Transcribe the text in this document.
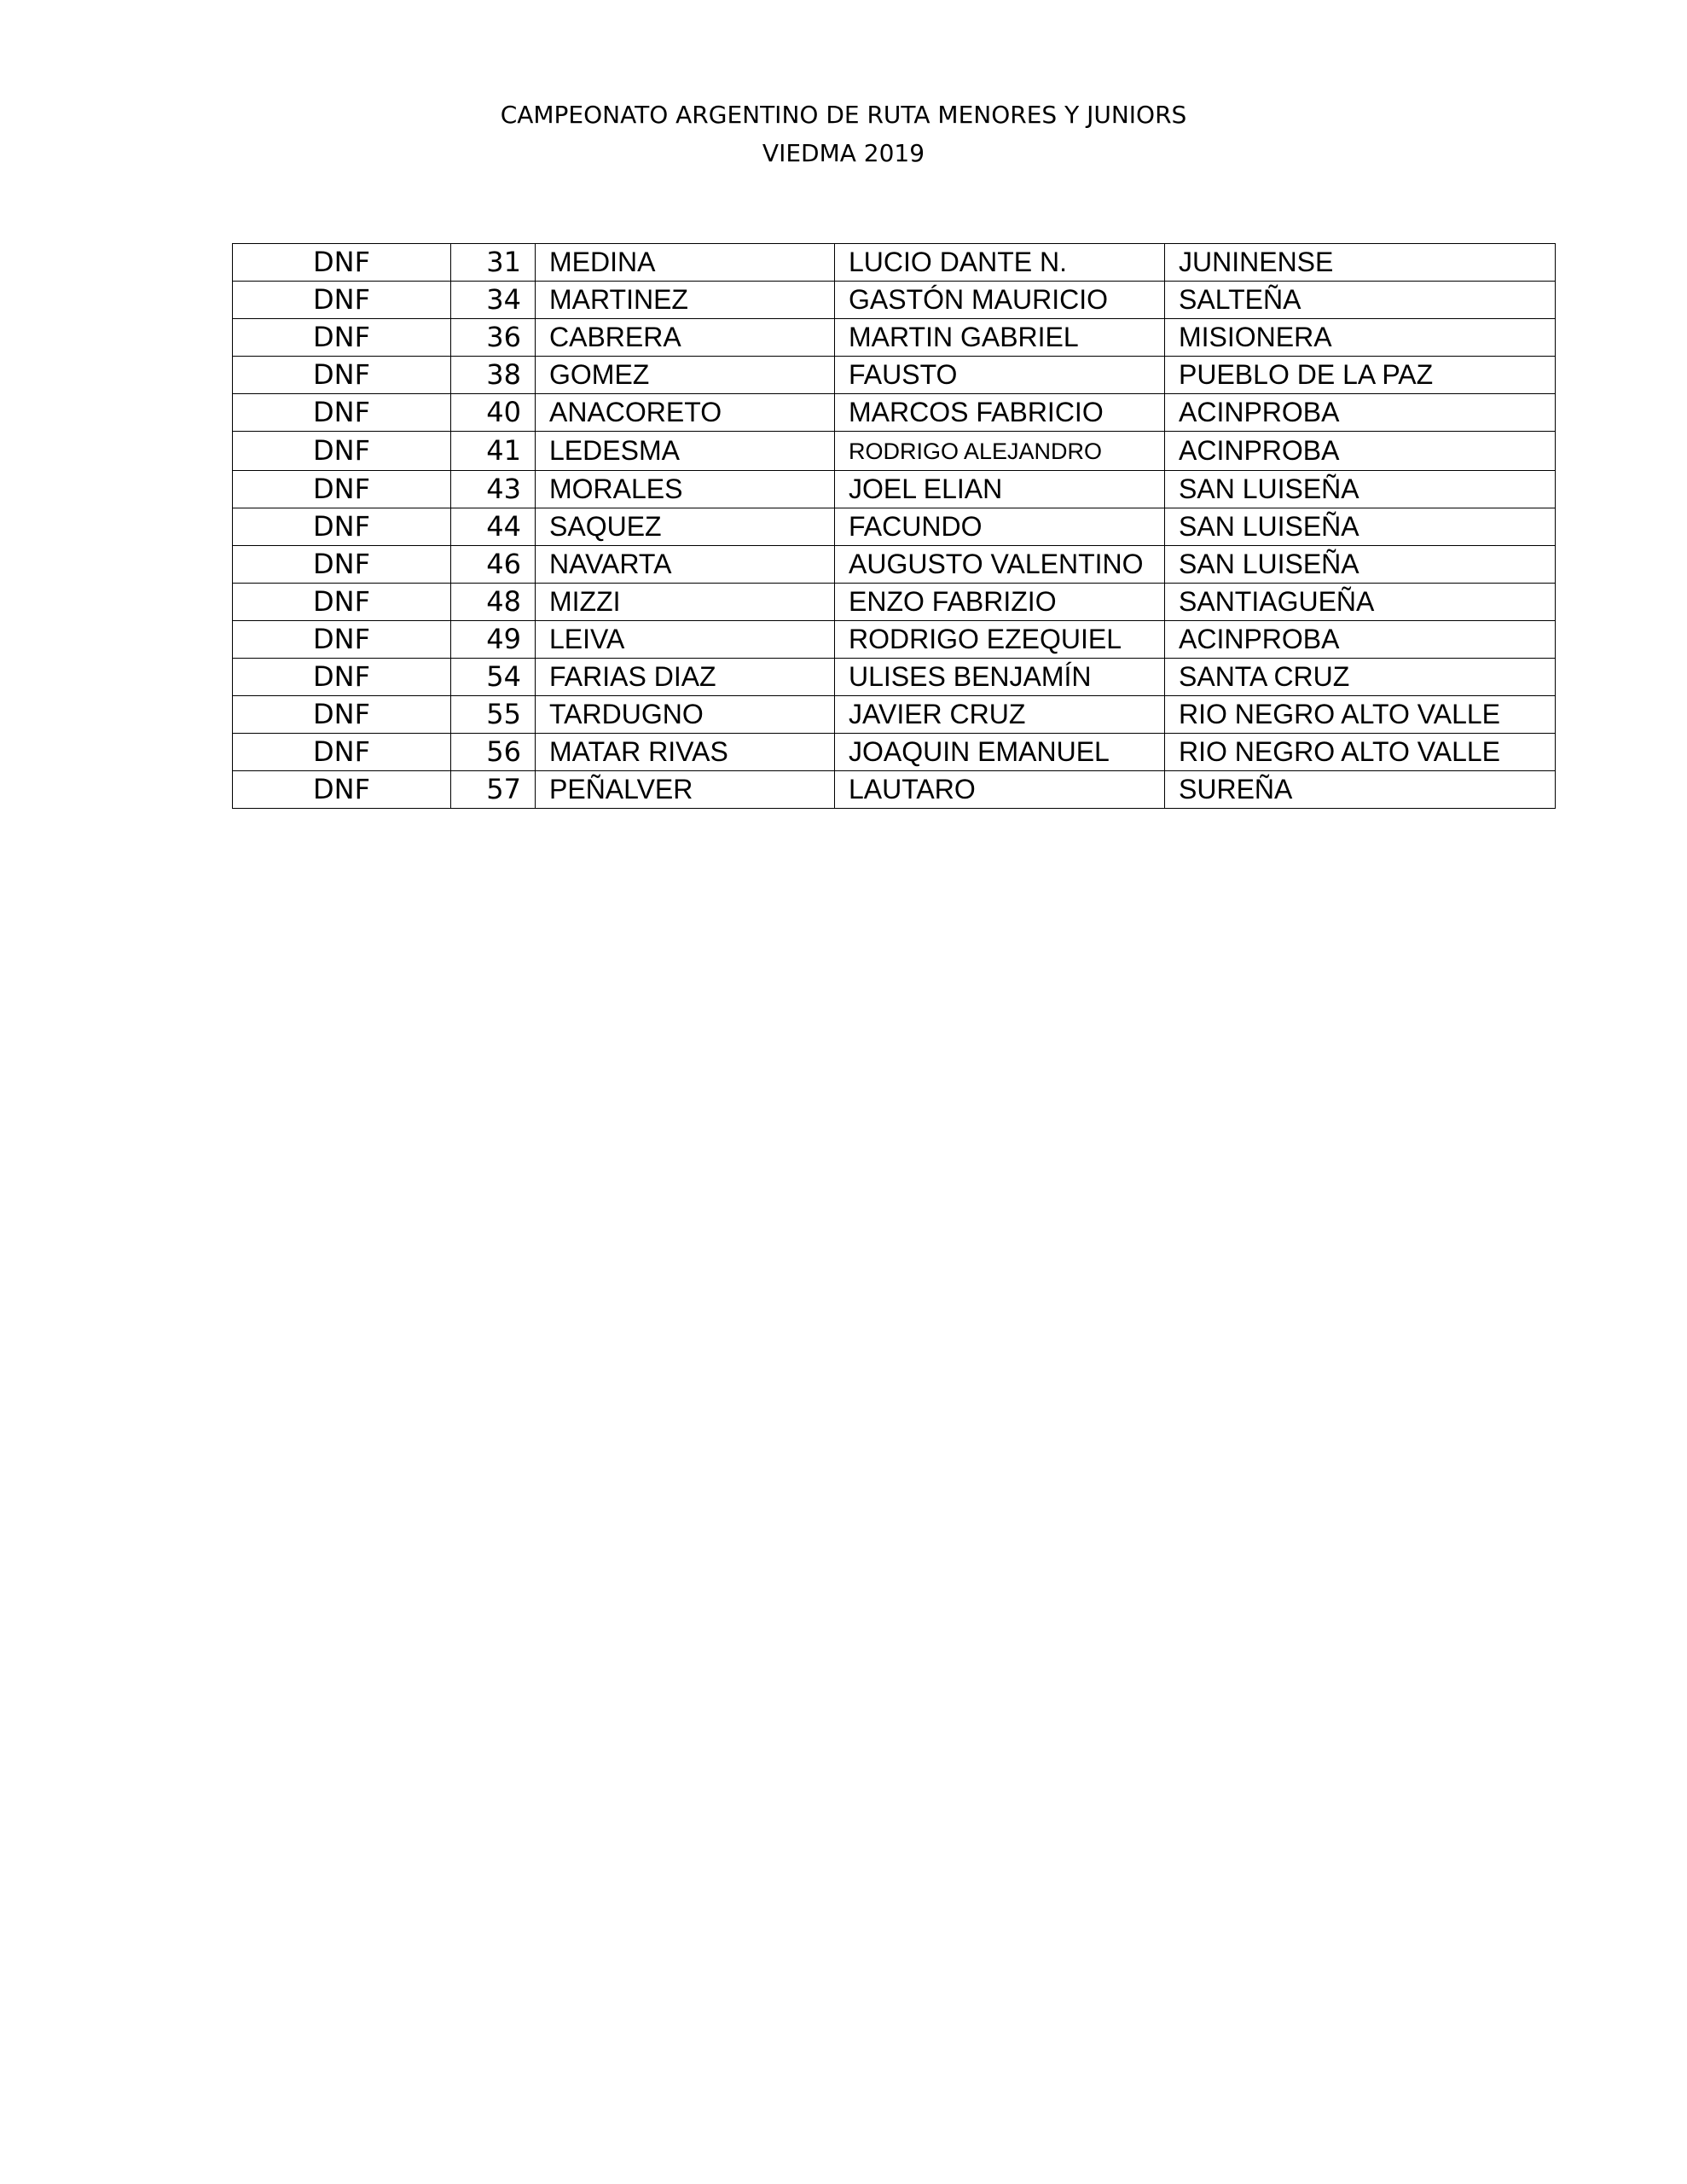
CAMPEONATO ARGENTINO DE RUTA MENORES Y JUNIORS
VIEDMA 2019
DNF	31	MEDINA	LUCIO DANTE N.	JUNINENSE
DNF	34	MARTINEZ	GASTÓN MAURICIO	SALTEÑA
DNF	36	CABRERA	MARTIN GABRIEL	MISIONERA
DNF	38	GOMEZ	FAUSTO	PUEBLO DE LA PAZ
DNF	40	ANACORETO	MARCOS FABRICIO	ACINPROBA
DNF	41	LEDESMA	RODRIGO ALEJANDRO	ACINPROBA
DNF	43	MORALES	JOEL ELIAN	SAN LUISEÑA
DNF	44	SAQUEZ	FACUNDO	SAN LUISEÑA
DNF	46	NAVARTA	AUGUSTO VALENTINO	SAN LUISEÑA
DNF	48	MIZZI	ENZO FABRIZIO	SANTIAGUEÑA
DNF	49	LEIVA	RODRIGO EZEQUIEL	ACINPROBA
DNF	54	FARIAS DIAZ	ULISES BENJAMÍN	SANTA CRUZ
DNF	55	TARDUGNO	JAVIER CRUZ	RIO NEGRO ALTO VALLE
DNF	56	MATAR RIVAS	JOAQUIN EMANUEL	RIO NEGRO ALTO VALLE
DNF	57	PEÑALVER	LAUTARO	SUREÑA
